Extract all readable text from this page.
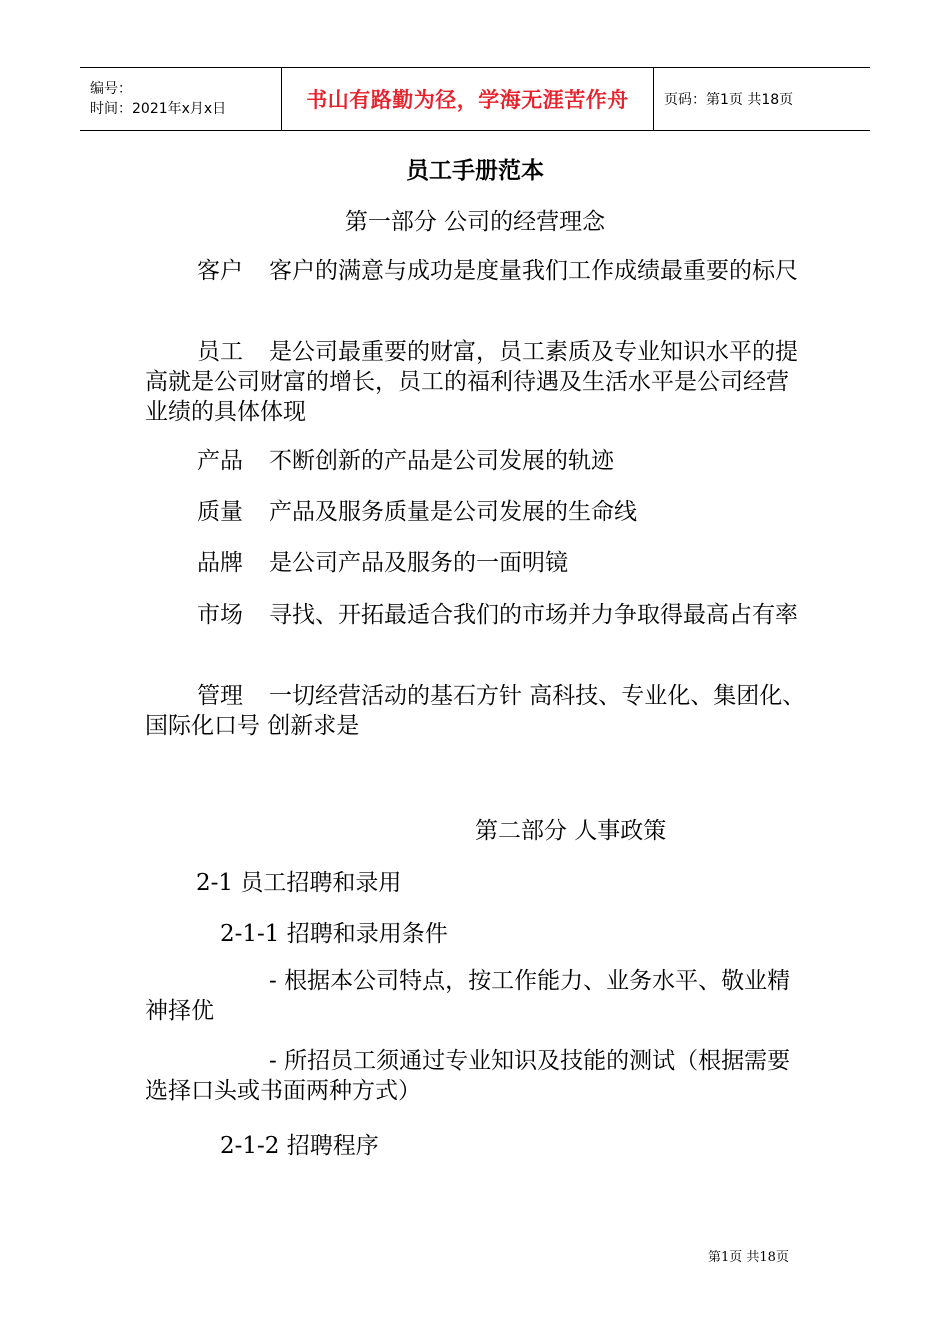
编号：
时间：2021年x月x日	书山有路勤为径，学海无涯苦作舟	页码：第1页 共18页
员工手册范本
第一部分 公司的经营理念

客户 客户的满意与成功是度量我们工作成绩最重要的标尺

员工 是公司最重要的财富，员工素质及专业知识水平的提高就是公司财富的增长，员工的福利待遇及生活水平是公司经营业绩的具体体现

产品 不断创新的产品是公司发展的轨迹

质量 产品及服务质量是公司发展的生命线

品牌 是公司产品及服务的一面明镜

市场 寻找、开拓最适合我们的市场并力争取得最高占有率

管理 一切经营活动的基石方针 高科技、专业化、集团化、国际化口号 创新求是

第二部分 人事政策
2-1 员工招聘和录用
2-1-1 招聘和录用条件

- 根据本公司特点，按工作能力、业务水平、敬业精神择优

- 所招员工须通过专业知识及技能的测试（根据需要选择口头或书面两种方式）

2-1-2 招聘程序
第1页 共18页
